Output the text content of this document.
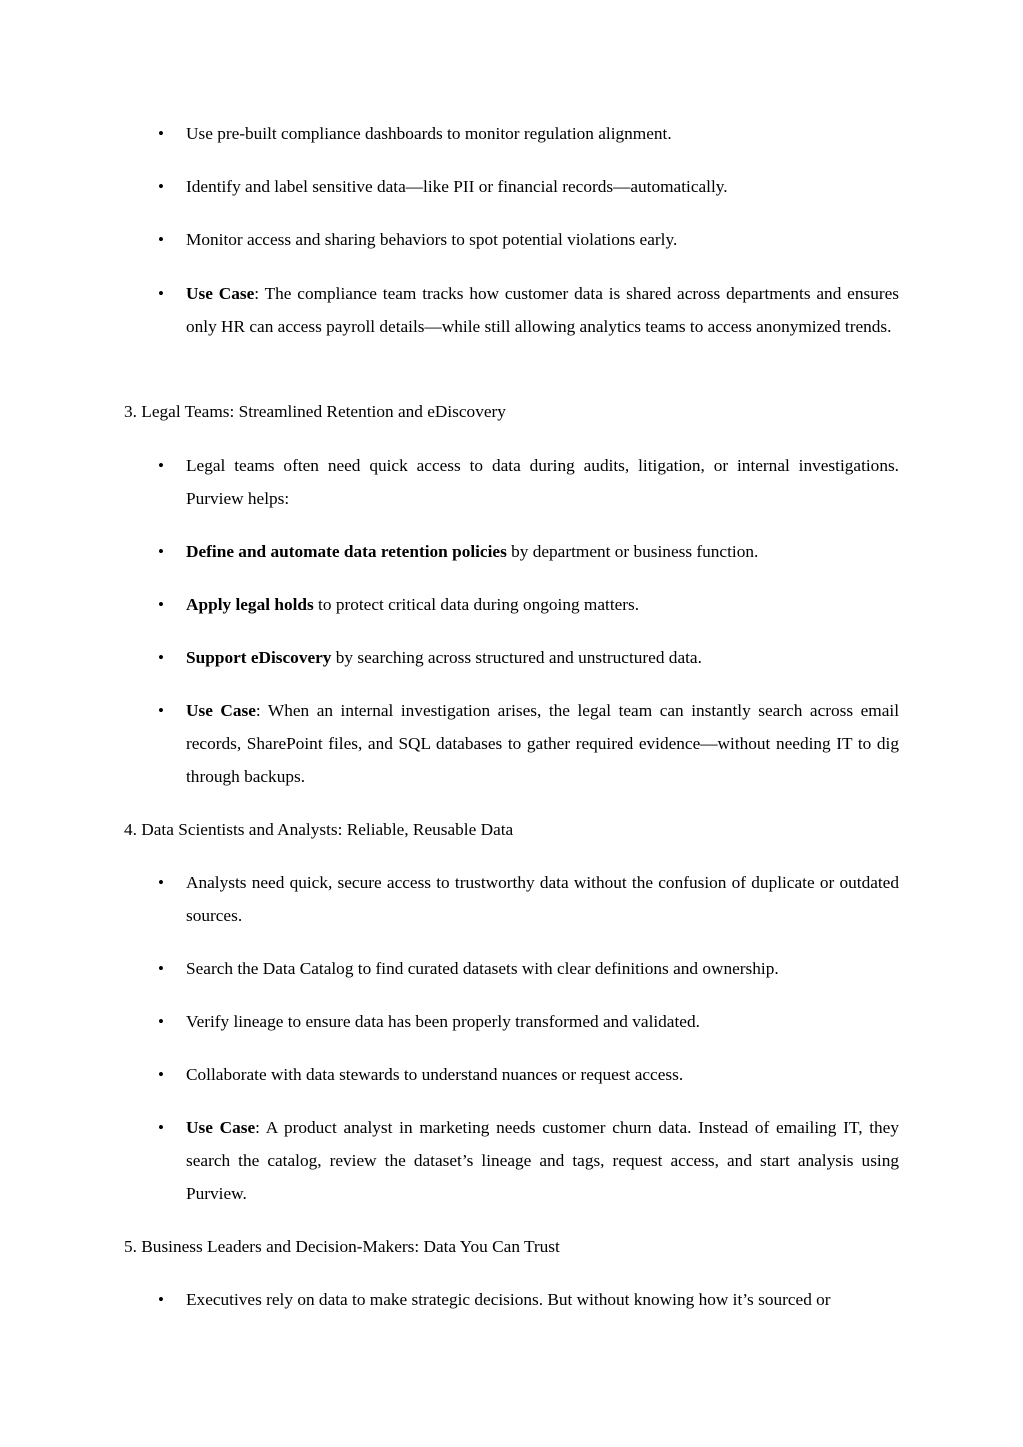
• Use pre-built compliance dashboards to monitor regulation alignment.

• Identify and label sensitive data—like PII or financial records—automatically.

• Monitor access and sharing behaviors to spot potential violations early.

• Use Case: The compliance team tracks how customer data is shared across departments and ensures only HR can access payroll details—while still allowing analytics teams to access anonymized trends.

3. Legal Teams: Streamlined Retention and eDiscovery

• Legal teams often need quick access to data during audits, litigation, or internal investigations. Purview helps:

• Define and automate data retention policies by department or business function.

• Apply legal holds to protect critical data during ongoing matters.

• Support eDiscovery by searching across structured and unstructured data.

• Use Case: When an internal investigation arises, the legal team can instantly search across email records, SharePoint files, and SQL databases to gather required evidence—without needing IT to dig through backups.

4. Data Scientists and Analysts: Reliable, Reusable Data

• Analysts need quick, secure access to trustworthy data without the confusion of duplicate or outdated sources.

• Search the Data Catalog to find curated datasets with clear definitions and ownership.

• Verify lineage to ensure data has been properly transformed and validated.

• Collaborate with data stewards to understand nuances or request access.

• Use Case: A product analyst in marketing needs customer churn data. Instead of emailing IT, they search the catalog, review the dataset’s lineage and tags, request access, and start analysis using Purview.

5. Business Leaders and Decision-Makers: Data You Can Trust

• Executives rely on data to make strategic decisions. But without knowing how it’s sourced or
